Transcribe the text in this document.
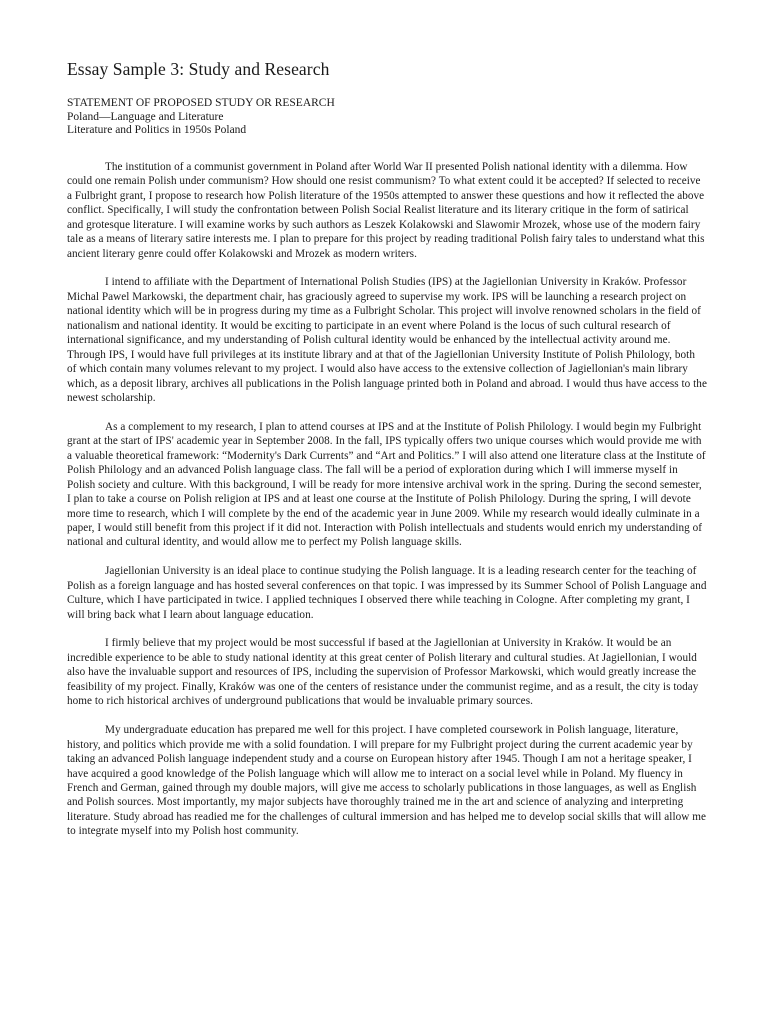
Essay Sample 3: Study and Research

STATEMENT OF PROPOSED STUDY OR RESEARCH

Poland—Language and Literature

Literature and Politics in 1950s Poland

The institution of a communist government in Poland after World War II presented Polish national identity with a dilemma. How could one remain Polish under communism? How should one resist communism? To what extent could it be accepted? If selected to receive a Fulbright grant, I propose to research how Polish literature of the 1950s attempted to answer these questions and how it reflected the above conflict. Specifically, I will study the confrontation between Polish Social Realist literature and its literary critique in the form of satirical and grotesque literature. I will examine works by such authors as Leszek Kolakowski and Slawomir Mrozek, whose use of the modern fairy tale as a means of literary satire interests me. I plan to prepare for this project by reading traditional Polish fairy tales to understand what this ancient literary genre could offer Kolakowski and Mrozek as modern writers.

I intend to affiliate with the Department of International Polish Studies (IPS) at the Jagiellonian University in Kraków. Professor Michal Pawel Markowski, the department chair, has graciously agreed to supervise my work. IPS will be launching a research project on national identity which will be in progress during my time as a Fulbright Scholar. This project will involve renowned scholars in the field of nationalism and national identity. It would be exciting to participate in an event where Poland is the locus of such cultural research of international significance, and my understanding of Polish cultural identity would be enhanced by the intellectual activity around me. Through IPS, I would have full privileges at its institute library and at that of the Jagiellonian University Institute of Polish Philology, both of which contain many volumes relevant to my project. I would also have access to the extensive collection of Jagiellonian's main library which, as a deposit library, archives all publications in the Polish language printed both in Poland and abroad. I would thus have access to the newest scholarship.

As a complement to my research, I plan to attend courses at IPS and at the Institute of Polish Philology. I would begin my Fulbright grant at the start of IPS' academic year in September 2008. In the fall, IPS typically offers two unique courses which would provide me with a valuable theoretical framework: “Modernity's Dark Currents” and “Art and Politics.” I will also attend one literature class at the Institute of Polish Philology and an advanced Polish language class. The fall will be a period of exploration during which I will immerse myself in Polish society and culture. With this background, I will be ready for more intensive archival work in the spring. During the second semester, I plan to take a course on Polish religion at IPS and at least one course at the Institute of Polish Philology. During the spring, I will devote more time to research, which I will complete by the end of the academic year in June 2009. While my research would ideally culminate in a paper, I would still benefit from this project if it did not. Interaction with Polish intellectuals and students would enrich my understanding of national and cultural identity, and would allow me to perfect my Polish language skills.

Jagiellonian University is an ideal place to continue studying the Polish language. It is a leading research center for the teaching of Polish as a foreign language and has hosted several conferences on that topic. I was impressed by its Summer School of Polish Language and Culture, which I have participated in twice. I applied techniques I observed there while teaching in Cologne. After completing my grant, I will bring back what I learn about language education.

I firmly believe that my project would be most successful if based at the Jagiellonian at University in Kraków. It would be an incredible experience to be able to study national identity at this great center of Polish literary and cultural studies. At Jagiellonian, I would also have the invaluable support and resources of IPS, including the supervision of Professor Markowski, which would greatly increase the feasibility of my project. Finally, Kraków was one of the centers of resistance under the communist regime, and as a result, the city is today home to rich historical archives of underground publications that would be invaluable primary sources.

My undergraduate education has prepared me well for this project. I have completed coursework in Polish language, literature, history, and politics which provide me with a solid foundation. I will prepare for my Fulbright project during the current academic year by taking an advanced Polish language independent study and a course on European history after 1945. Though I am not a heritage speaker, I have acquired a good knowledge of the Polish language which will allow me to interact on a social level while in Poland. My fluency in French and German, gained through my double majors, will give me access to scholarly publications in those languages, as well as English and Polish sources. Most importantly, my major subjects have thoroughly trained me in the art and science of analyzing and interpreting literature. Study abroad has readied me for the challenges of cultural immersion and has helped me to develop social skills that will allow me to integrate myself into my Polish host community.
